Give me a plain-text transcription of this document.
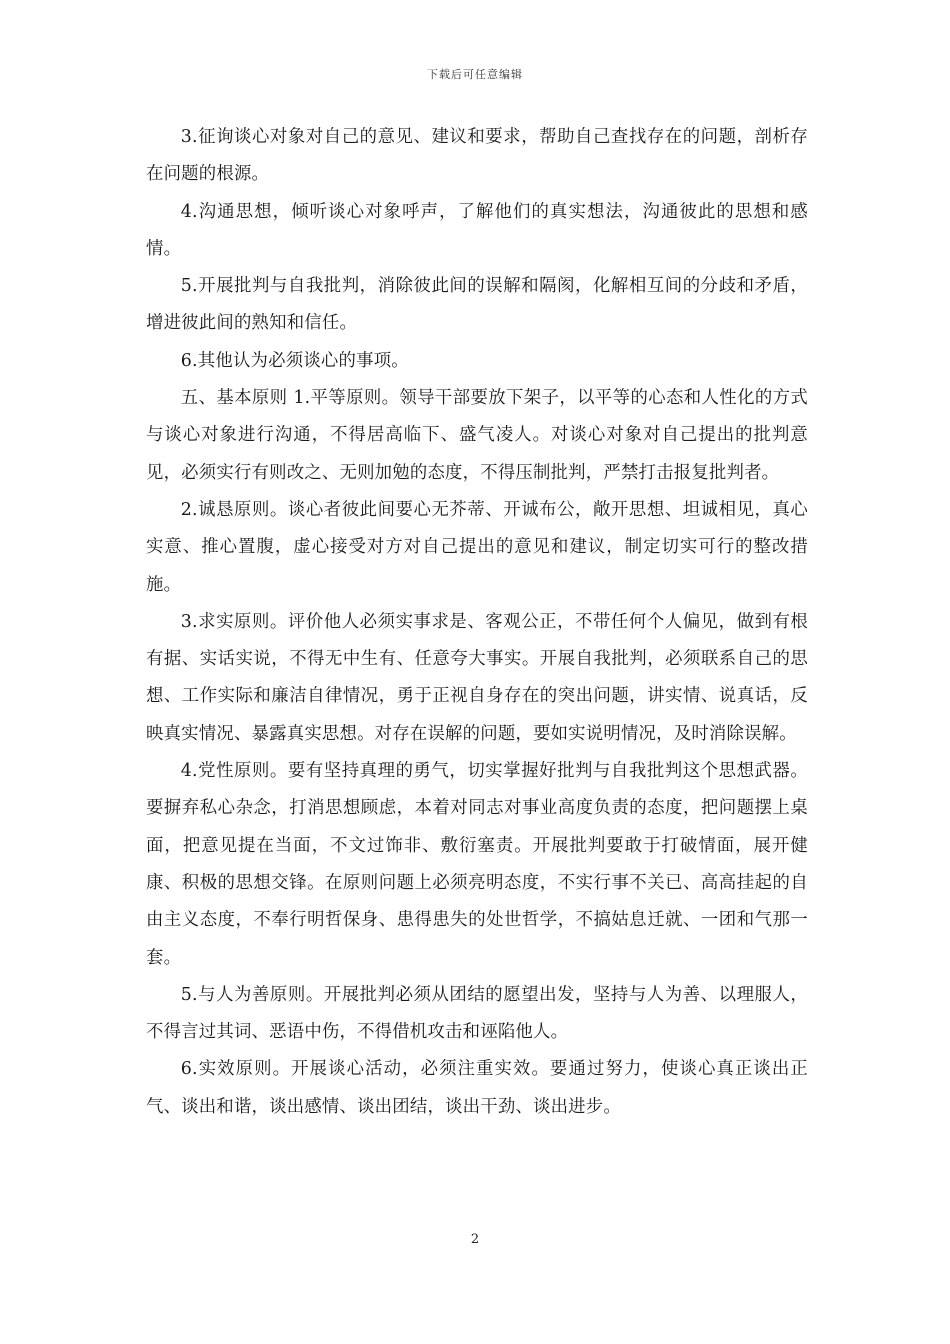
下载后可任意编辑

3.征询谈心对象对自己的意见、建议和要求，帮助自己查找存在的问题，剖析存在问题的根源。

4.沟通思想，倾听谈心对象呼声，了解他们的真实想法，沟通彼此的思想和感情。

5.开展批判与自我批判，消除彼此间的误解和隔阂，化解相互间的分歧和矛盾，增进彼此间的熟知和信任。

6.其他认为必须谈心的事项。

五、基本原则 1.平等原则。领导干部要放下架子，以平等的心态和人性化的方式与谈心对象进行沟通，不得居高临下、盛气凌人。对谈心对象对自己提出的批判意见，必须实行有则改之、无则加勉的态度，不得压制批判，严禁打击报复批判者。

2.诚恳原则。谈心者彼此间要心无芥蒂、开诚布公，敞开思想、坦诚相见，真心实意、推心置腹，虚心接受对方对自己提出的意见和建议，制定切实可行的整改措施。

3.求实原则。评价他人必须实事求是、客观公正，不带任何个人偏见，做到有根有据、实话实说，不得无中生有、任意夸大事实。开展自我批判，必须联系自己的思想、工作实际和廉洁自律情况，勇于正视自身存在的突出问题，讲实情、说真话，反映真实情况、暴露真实思想。对存在误解的问题，要如实说明情况，及时消除误解。

4.党性原则。要有坚持真理的勇气，切实掌握好批判与自我批判这个思想武器。要摒弃私心杂念，打消思想顾虑，本着对同志对事业高度负责的态度，把问题摆上桌面，把意见提在当面，不文过饰非、敷衍塞责。开展批判要敢于打破情面，展开健康、积极的思想交锋。在原则问题上必须亮明态度，不实行事不关已、高高挂起的自由主义态度，不奉行明哲保身、患得患失的处世哲学，不搞姑息迁就、一团和气那一套。

5.与人为善原则。开展批判必须从团结的愿望出发，坚持与人为善、以理服人，不得言过其词、恶语中伤，不得借机攻击和诬陷他人。

6.实效原则。开展谈心活动，必须注重实效。要通过努力，使谈心真正谈出正气、谈出和谐，谈出感情、谈出团结，谈出干劲、谈出进步。

2
